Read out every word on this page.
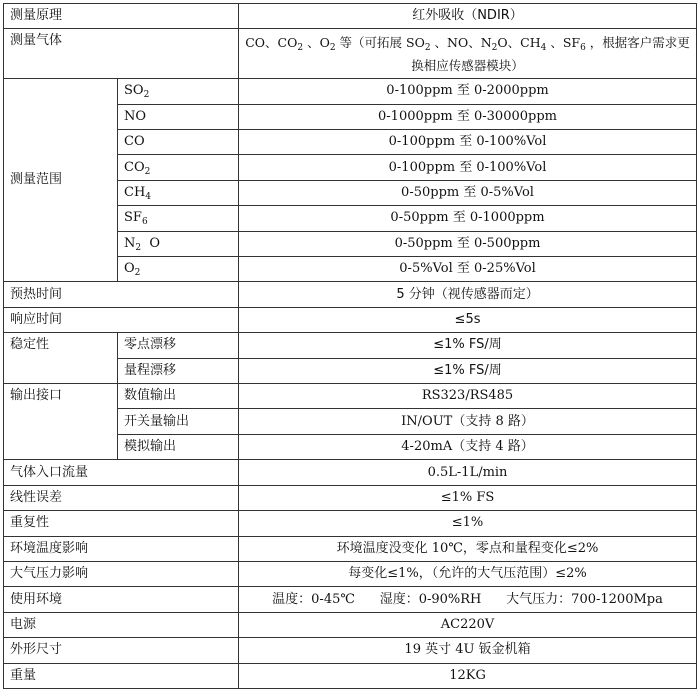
测量原理		红外吸收（NDIR）
测量气体		CO、$CO_2$ 、$O_2$ 等（可拓展 $SO_2$ 、NO、$N_2O$、$CH_4$ 、$SF_6$ ，根据客户需求更换相应传感器模块）
测量范围	$SO_2$	0-100ppm 至 0-2000ppm
	NO	0-1000ppm 至 0-30000ppm
	CO	0-100ppm 至 0-100%Vol
	$CO_2$	0-100ppm 至 0-100%Vol
	$CH_4$	0-50ppm 至 0-5%Vol
	$SF_6$	0-50ppm 至 0-1000ppm
	$N_2$ O	0-50ppm 至 0-500ppm
	$O_2$	0-5%Vol 至 0-25%Vol
预热时间		5 分钟（视传感器而定）
响应时间		≤5s
稳定性	零点漂移	≤1% FS/周
	量程漂移	≤1% FS/周
输出接口	数值输出	RS323/RS485
	开关量输出	IN/OUT（支持 8 路）
	模拟输出	4-20mA（支持 4 路）
气体入口流量		0.5L-1L/min
线性误差		≤1% FS
重复性		≤1%
环境温度影响		环境温度没变化 10℃，零点和量程变化≤2%
大气压力影响		每变化≤1%，（允许的大气压范围）≤2%
使用环境		温度：0-45℃      湿度：0-90%RH      大气压力：700-1200Mpa
电源		AC220V
外形尺寸		19 英寸 4U 钣金机箱
重量		12KG
